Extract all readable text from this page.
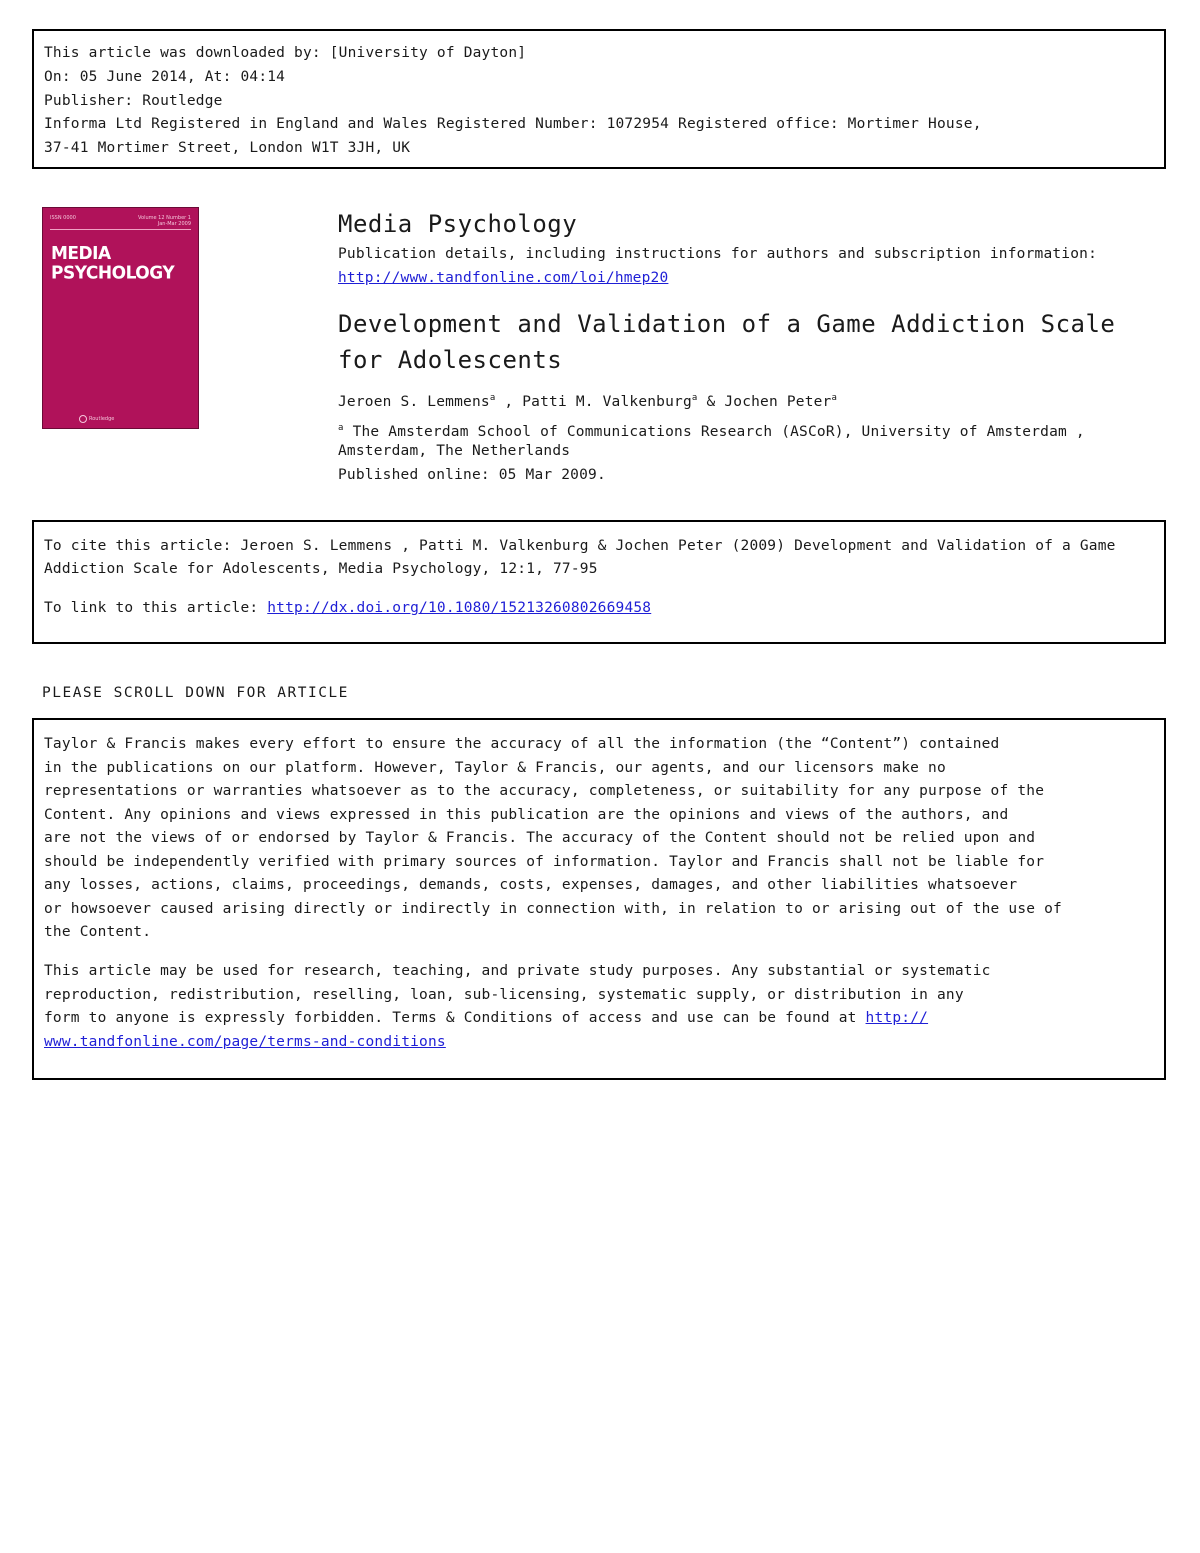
This article was downloaded by: [University of Dayton]
On: 05 June 2014, At: 04:14
Publisher: Routledge
Informa Ltd Registered in England and Wales Registered Number: 1072954 Registered office: Mortimer House,
37-41 Mortimer Street, London W1T 3JH, UK
ISSN 0000	Volume 12 Number 1
Jan-Mar 2009
MEDIA
PSYCHOLOGY
Routledge
Media Psychology
Publication details, including instructions for authors and subscription information:
http://www.tandfonline.com/loi/hmep20
Development and Validation of a Game Addiction Scale
for Adolescents
Jeroen S. Lemmens$^a$ , Patti M. Valkenburg$^a$ & Jochen Peter$^a$
$^a$ The Amsterdam School of Communications Research (ASCoR), University of Amsterdam ,
Amsterdam, The Netherlands
Published online: 05 Mar 2009.
To cite this article: Jeroen S. Lemmens , Patti M. Valkenburg & Jochen Peter (2009) Development and Validation of a Game
Addiction Scale for Adolescents, Media Psychology, 12:1, 77-95
To link to this article: http://dx.doi.org/10.1080/15213260802669458
PLEASE SCROLL DOWN FOR ARTICLE
Taylor & Francis makes every effort to ensure the accuracy of all the information (the “Content”) contained
in the publications on our platform. However, Taylor & Francis, our agents, and our licensors make no
representations or warranties whatsoever as to the accuracy, completeness, or suitability for any purpose of the
Content. Any opinions and views expressed in this publication are the opinions and views of the authors, and
are not the views of or endorsed by Taylor & Francis. The accuracy of the Content should not be relied upon and
should be independently verified with primary sources of information. Taylor and Francis shall not be liable for
any losses, actions, claims, proceedings, demands, costs, expenses, damages, and other liabilities whatsoever
or howsoever caused arising directly or indirectly in connection with, in relation to or arising out of the use of
the Content.
This article may be used for research, teaching, and private study purposes. Any substantial or systematic
reproduction, redistribution, reselling, loan, sub-licensing, systematic supply, or distribution in any
form to anyone is expressly forbidden. Terms & Conditions of access and use can be found at http://
www.tandfonline.com/page/terms-and-conditions
